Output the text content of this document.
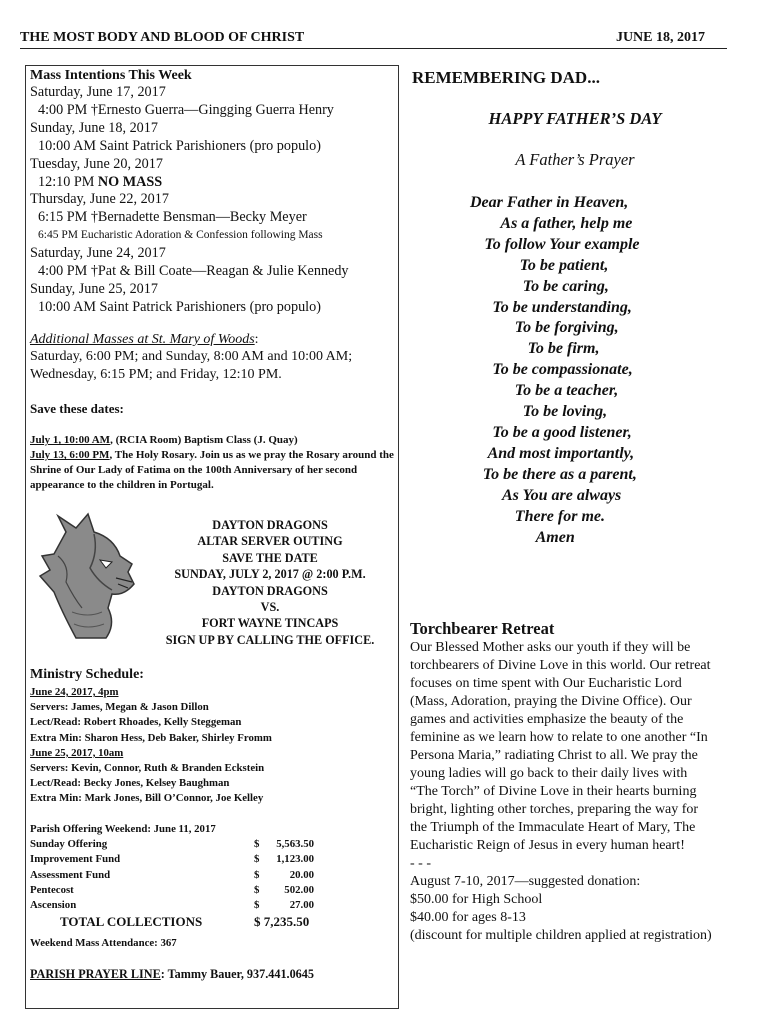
THE MOST BODY AND BLOOD OF CHRIST	JUNE 18, 2017
Mass Intentions This Week
Saturday, June 17, 2017
4:00 PM †Ernesto Guerra—Gingging Guerra Henry
Sunday, June 18, 2017
10:00 AM Saint Patrick Parishioners (pro populo)
Tuesday, June 20, 2017
12:10 PM NO MASS
Thursday, June 22, 2017
6:15 PM †Bernadette Bensman—Becky Meyer
6:45 PM Eucharistic Adoration & Confession following Mass
Saturday, June 24, 2017
4:00 PM †Pat & Bill Coate—Reagan & Julie Kennedy
Sunday, June 25, 2017
10:00 AM Saint Patrick Parishioners (pro populo)
Additional Masses at St. Mary of Woods:
Saturday, 6:00 PM; and Sunday, 8:00 AM and 10:00 AM; Wednesday, 6:15 PM; and Friday, 12:10 PM.
Save these dates:
July 1, 10:00 AM, (RCIA Room) Baptism Class (J. Quay)
July 13, 6:00 PM, The Holy Rosary. Join us as we pray the Rosary around the Shrine of Our Lady of Fatima on the 100th Anniversary of her second appearance to the children in Portugal.
DAYTON DRAGONS
ALTAR SERVER OUTING
SAVE THE DATE
SUNDAY, JULY 2, 2017 @ 2:00 P.M.
DAYTON DRAGONS
VS.
FORT WAYNE TINCAPS
SIGN UP BY CALLING THE OFFICE.
Ministry Schedule:
June 24, 2017, 4pm
Servers: James, Megan & Jason Dillon
Lect/Read: Robert Rhoades, Kelly Steggeman
Extra Min: Sharon Hess, Deb Baker, Shirley Fromm
June 25, 2017, 10am
Servers: Kevin, Connor, Ruth & Branden Eckstein
Lect/Read: Becky Jones, Kelsey Baughman
Extra Min: Mark Jones, Bill O’Connor, Joe Kelley
Parish Offering Weekend: June 11, 2017
Sunday Offering	$ 5,563.50
Improvement Fund	$ 1,123.00
Assessment Fund	$	20.00
Pentecost	$ 502.00
Ascension	$	27.00
TOTAL COLLECTIONS	$ 7,235.50
Weekend Mass Attendance: 367
PARISH PRAYER LINE: Tammy Bauer, 937.441.0645
REMEMBERING DAD...
HAPPY FATHER’S DAY
A Father’s Prayer
Dear Father in Heaven,
As a father, help me
To follow Your example
To be patient,
To be caring,
To be understanding,
To be forgiving,
To be firm,
To be compassionate,
To be a teacher,
To be loving,
To be a good listener,
And most importantly,
To be there as a parent,
As You are always
There for me.
Amen
Torchbearer Retreat
Our Blessed Mother asks our youth if they will be
torchbearers of Divine Love in this world. Our retreat
focuses on time spent with Our Eucharistic Lord
(Mass, Adoration, praying the Divine Office). Our
games and activities emphasize the beauty of the
feminine as we learn how to relate to one another “In
Persona Maria,” radiating Christ to all. We pray the
young ladies will go back to their daily lives with
“The Torch” of Divine Love in their hearts burning
bright, lighting other torches, preparing the way for
the Triumph of the Immaculate Heart of Mary, The
Eucharistic Reign of Jesus in every human heart!
- - -
August 7-10, 2017—suggested donation:
$50.00 for High School
$40.00 for ages 8-13
(discount for multiple children applied at registration)
